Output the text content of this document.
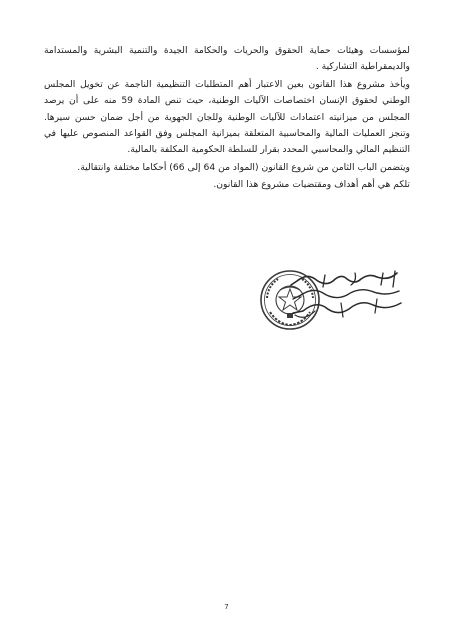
لمؤسسات وهيئات حماية الحقوق والحريات والحكامة الجيدة والتنمية البشرية والمستدامة والديمقراطية التشاركية .

ويأخذ مشروع هذا القانون بعين الاعتبار أهم المتطلبات التنظيمية الناجمة عن تخويل المجلس الوطني لحقوق الإنسان اختصاصات الآليات الوطنية، حيث تنص المادة 59 منه على أن يرصد المجلس من ميزانيته اعتمادات للآليات الوطنية وللجان الجهوية من أجل ضمان حسن سيرها. وتنجز العمليات المالية والمحاسبية المتعلقة بميزانية المجلس وفق القواعد المنصوص عليها في التنظيم المالي والمحاسبي المحدد بقرار للسلطة الحكومية المكلفة بالمالية.

ويتضمن الباب الثامن من شروع القانون (المواد من 64 إلى 66) أحكاما مختلفة وانتقالية.

تلكم هي أهم أهداف ومقتضيات مشروع هذا القانون.

7
